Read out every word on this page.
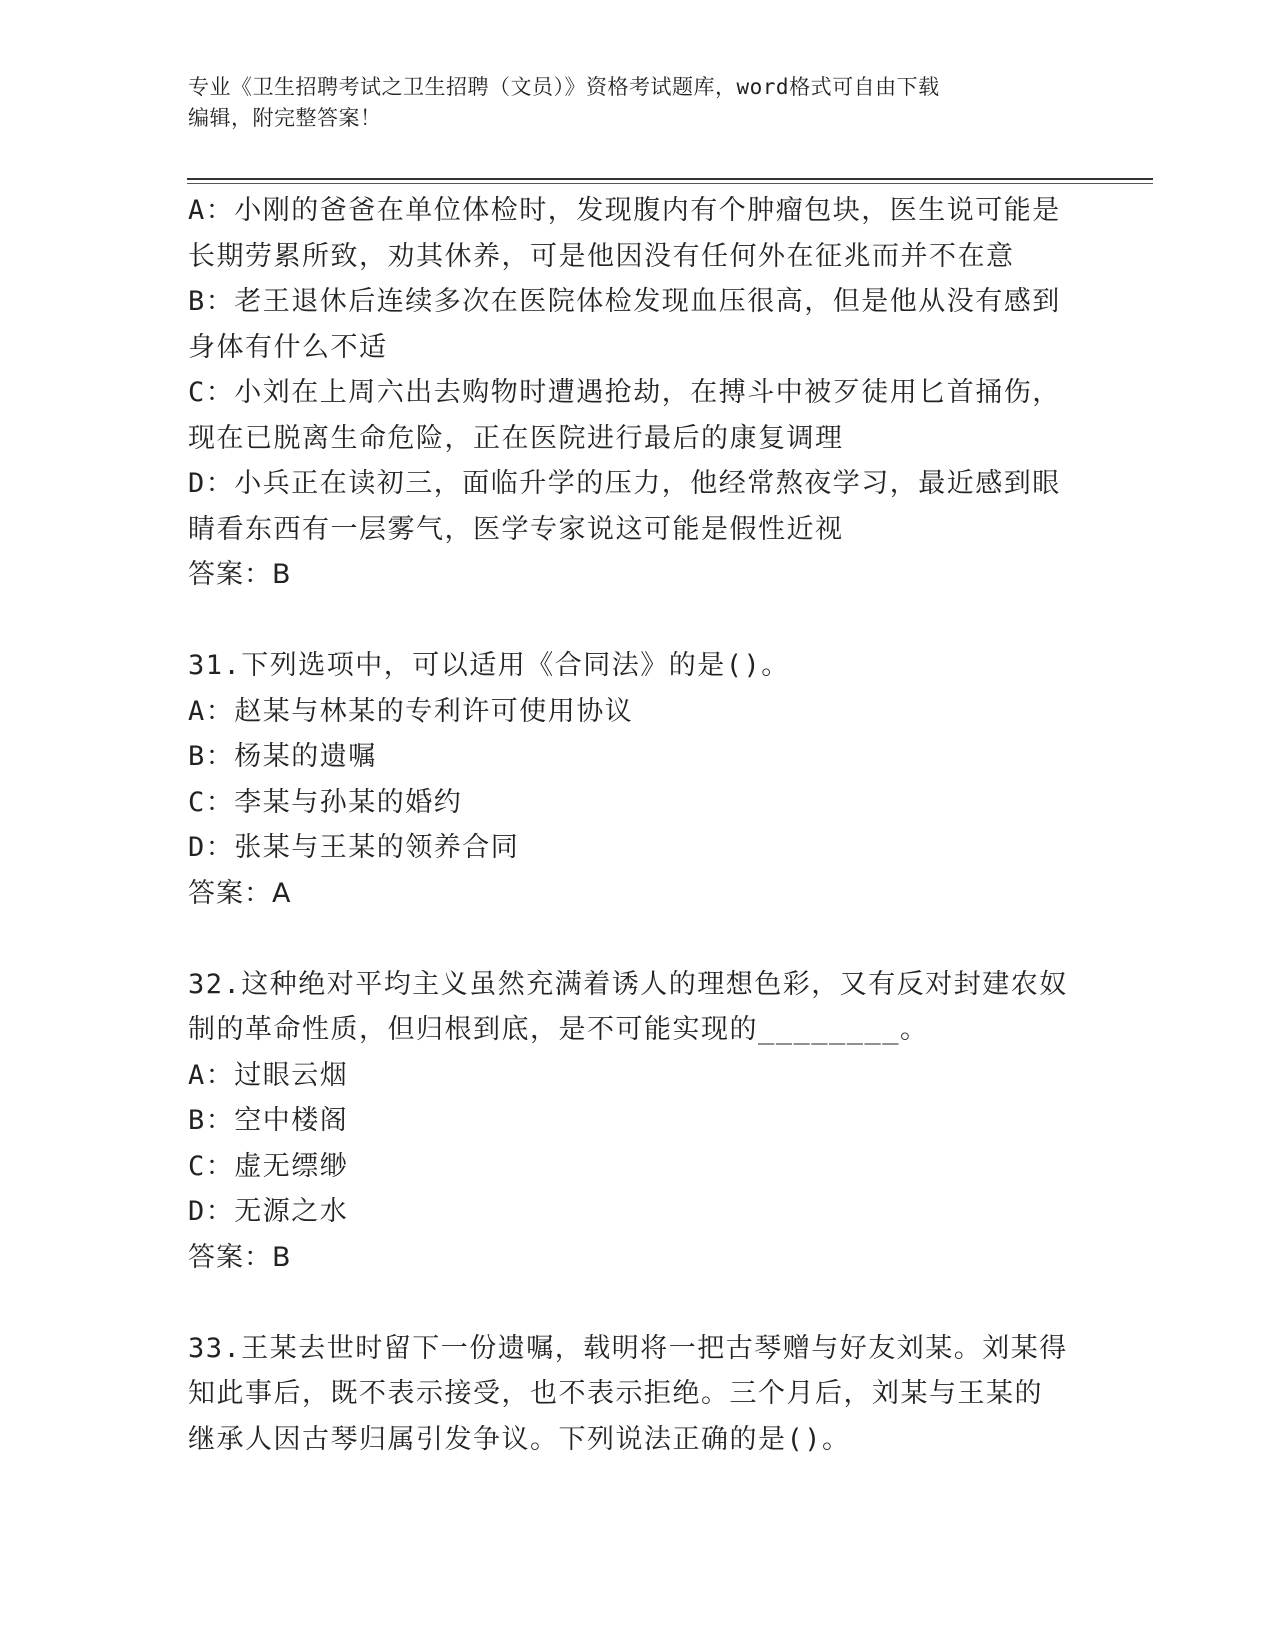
专业《卫生招聘考试之卫生招聘（文员）》资格考试题库，word格式可自由下载
编辑，附完整答案！
A：小刚的爸爸在单位体检时，发现腹内有个肿瘤包块，医生说可能是
长期劳累所致，劝其休养，可是他因没有任何外在征兆而并不在意
B：老王退休后连续多次在医院体检发现血压很高，但是他从没有感到
身体有什么不适
C：小刘在上周六出去购物时遭遇抢劫，在搏斗中被歹徒用匕首捅伤，
现在已脱离生命危险，正在医院进行最后的康复调理
D：小兵正在读初三，面临升学的压力，他经常熬夜学习，最近感到眼
睛看东西有一层雾气，医学专家说这可能是假性近视
答案：B
31.下列选项中，可以适用《合同法》的是()。
A：赵某与林某的专利许可使用协议
B：杨某的遗嘱
C：李某与孙某的婚约
D：张某与王某的领养合同
答案：A
32.这种绝对平均主义虽然充满着诱人的理想色彩，又有反对封建农奴
制的革命性质，但归根到底，是不可能实现的________。
A：过眼云烟
B：空中楼阁
C：虚无缥缈
D：无源之水
答案：B
33.王某去世时留下一份遗嘱，载明将一把古琴赠与好友刘某。刘某得
知此事后，既不表示接受，也不表示拒绝。三个月后，刘某与王某的
继承人因古琴归属引发争议。下列说法正确的是()。
